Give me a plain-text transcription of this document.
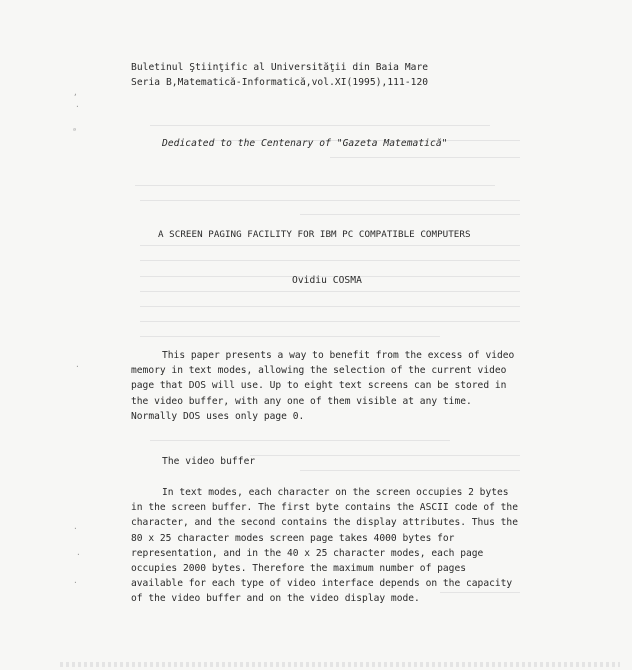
,
·
ᵃ
·
·
·
·
Buletinul Ştiinţific al Universităţii din Baia Mare
Seria B,Matematică-Informatică,vol.XI(1995),111-120
Dedicated to the Centenary of "Gazeta Matematică"
A SCREEN PAGING FACILITY FOR IBM PC COMPATIBLE COMPUTERS
Ovidiu COSMA

This paper presents a way to benefit from the excess of video

memory in text modes, allowing the selection of the current video

page that DOS will use. Up to eight text screens can be stored in

the video buffer, with any one of them visible at any time.

Normally DOS uses only page 0.

The video buffer

In text modes, each character on the screen occupies 2 bytes

in the screen buffer. The first byte contains the ASCII code of the

character, and the second contains the display attributes. Thus the

80 x 25 character modes screen page takes 4000 bytes for

representation, and in the 40 x 25 character modes, each page

occupies 2000 bytes. Therefore the maximum number of pages

available for each type of video interface depends on the capacity

of the video buffer and on the video display mode.
